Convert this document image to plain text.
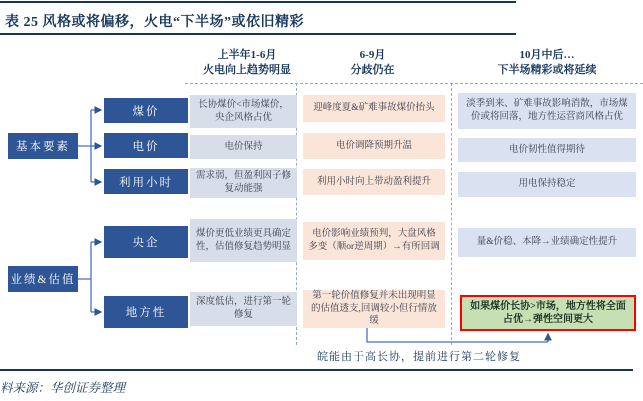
表 25 风格或将偏移，火电“下半场”或依旧精彩
上半年1-6月
火电向上趋势明显
6-9月
分歧仍在
10月中后…
下半场精彩或将延续
基本要素
业绩&估值
煤价
电价
利用小时
央企
地方性
长协煤价<市场煤价，央企风格占优
电价保持
需求弱，但盈利因子修复动能强
煤价更低业绩更具确定性，估值修复趋势明显
深度低估，进行第一轮修复
迎峰度夏&矿难事故煤价抬头
电价调降预期升温
利用小时向上带动盈利提升
电价影响业绩预判，大盘风格多变（顺or逆周期）→有所回调
第一轮价值修复并未出现明显的估值透支,回调较小但行情放缓
淡季到来、矿难事故影响消散，市场煤价或将回落，地方性运营商风格占优
电价韧性值得期待
用电保持稳定
量&价稳、本降→业绩确定性提升
如果煤价长协>市场，地方性将全面占优→弹性空间更大
皖能由于高长协，提前进行第二轮修复
料来源：华创证券整理
